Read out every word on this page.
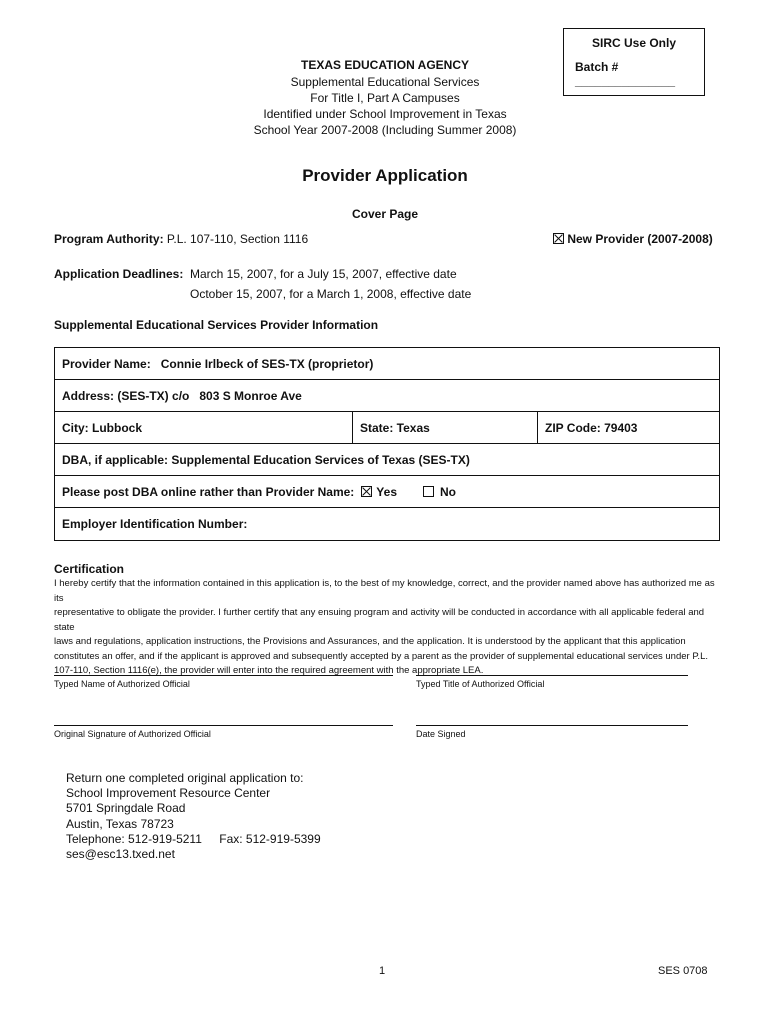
SIRC Use Only
Batch # _______________
TEXAS EDUCATION AGENCY
Supplemental Educational Services
For Title I, Part A Campuses
Identified under School Improvement in Texas
School Year 2007-2008 (Including Summer 2008)
Provider Application
Cover Page
Program Authority: P.L. 107-110, Section 1116	New Provider (2007-2008)
Application Deadlines: March 15, 2007, for a July 15, 2007, effective date
October 15, 2007, for a March 1, 2008, effective date
Supplemental Educational Services Provider Information
Provider Name: Connie Irlbeck of SES-TX (proprietor)
Address: (SES-TX) c/o 803 S Monroe Ave
City: Lubbock	State: Texas	ZIP Code: 79403
DBA, if applicable: Supplemental Education Services of Texas (SES-TX)
Please post DBA online rather than Provider Name: Yes	No
Employer Identification Number:
Certification
I hereby certify that the information contained in this application is, to the best of my knowledge, correct, and the provider named above has authorized me as its
representative to obligate the provider. I further certify that any ensuing program and activity will be conducted in accordance with all applicable federal and state
laws and regulations, application instructions, the Provisions and Assurances, and the application. It is understood by the applicant that this application
constitutes an offer, and if the applicant is approved and subsequently accepted by a parent as the provider of supplemental educational services under P.L.
107-110, Section 1116(e), the provider will enter into the required agreement with the appropriate LEA.
Typed Name of Authorized Official	Typed Title of Authorized Official
Original Signature of Authorized Official	Date Signed
Return one completed original application to:
School Improvement Resource Center
5701 Springdale Road
Austin, Texas 78723
Telephone: 512-919-5211 Fax: 512-919-5399
ses@esc13.txed.net
1	SES 0708
